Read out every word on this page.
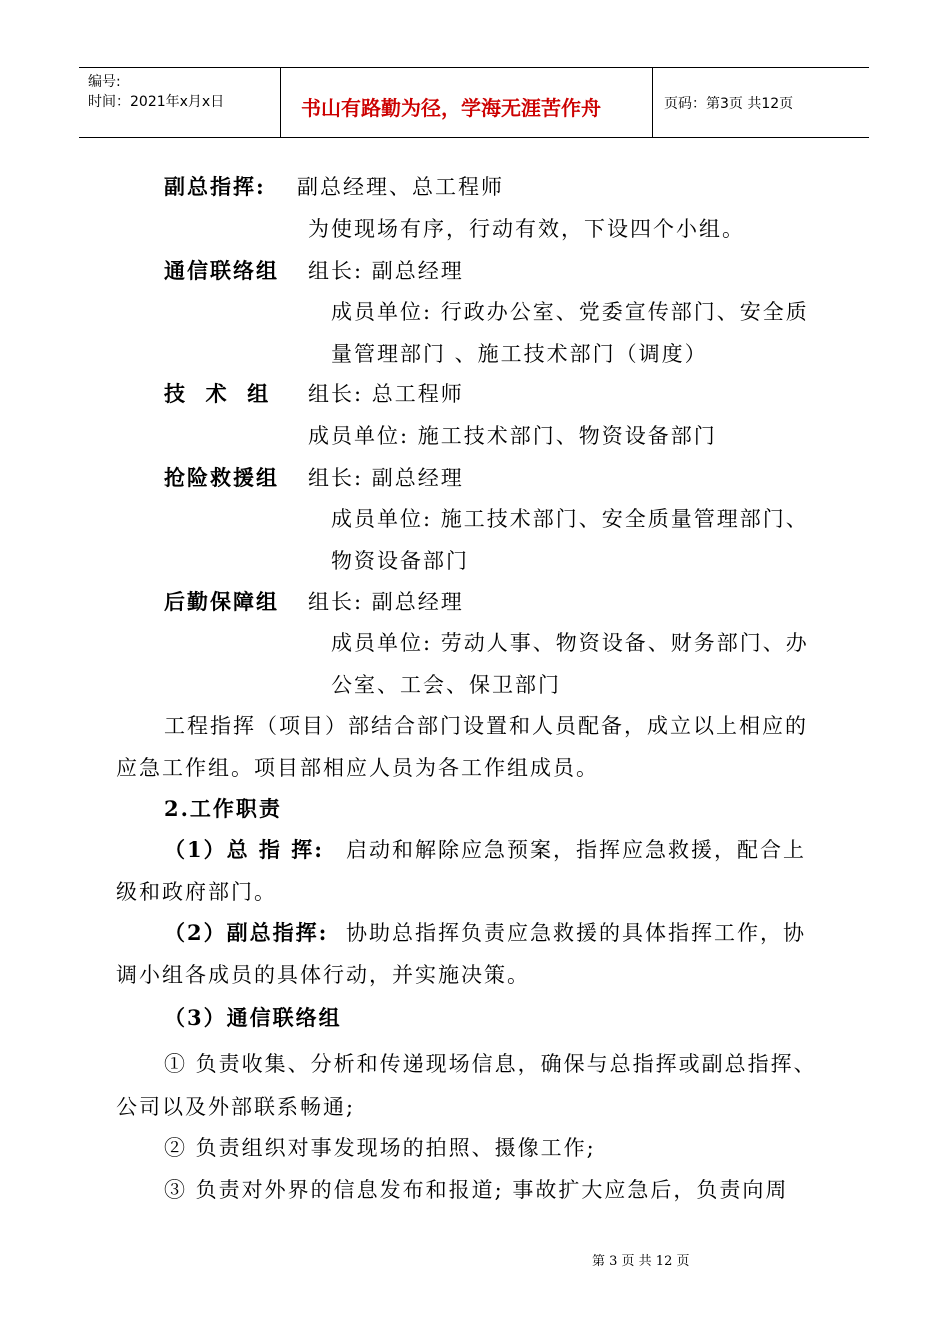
编号:
时间：2021年x月x日	书山有路勤为径，学海无涯苦作舟	页码：第3页 共12页
副总指挥: 副总经理、总工程师
为使现场有序，行动有效，下设四个小组。
通信联络组 组长: 副总经理
成员单位: 行政办公室、党委宣传部门、安全质
量管理部门 、施工技术部门（调度）
技  术  组 组长: 总工程师
成员单位: 施工技术部门、物资设备部门
抢险救援组 组长: 副总经理
成员单位: 施工技术部门、安全质量管理部门、
物资设备部门
后勤保障组 组长: 副总经理
成员单位: 劳动人事、物资设备、财务部门、办
公室、工会、保卫部门
工程指挥（项目）部结合部门设置和人员配备，成立以上相应的
应急工作组。项目部相应人员为各工作组成员。
2.工作职责
（1）总 指 挥: 启动和解除应急预案，指挥应急救援，配合上
级和政府部门。
（2）副总指挥: 协助总指挥负责应急救援的具体指挥工作，协
调小组各成员的具体行动，并实施决策。
（3）通信联络组
① 负责收集、分析和传递现场信息，确保与总指挥或副总指挥、
公司以及外部联系畅通;
② 负责组织对事发现场的拍照、摄像工作;
③ 负责对外界的信息发布和报道; 事故扩大应急后，负责向周
第 3 页 共 12 页
